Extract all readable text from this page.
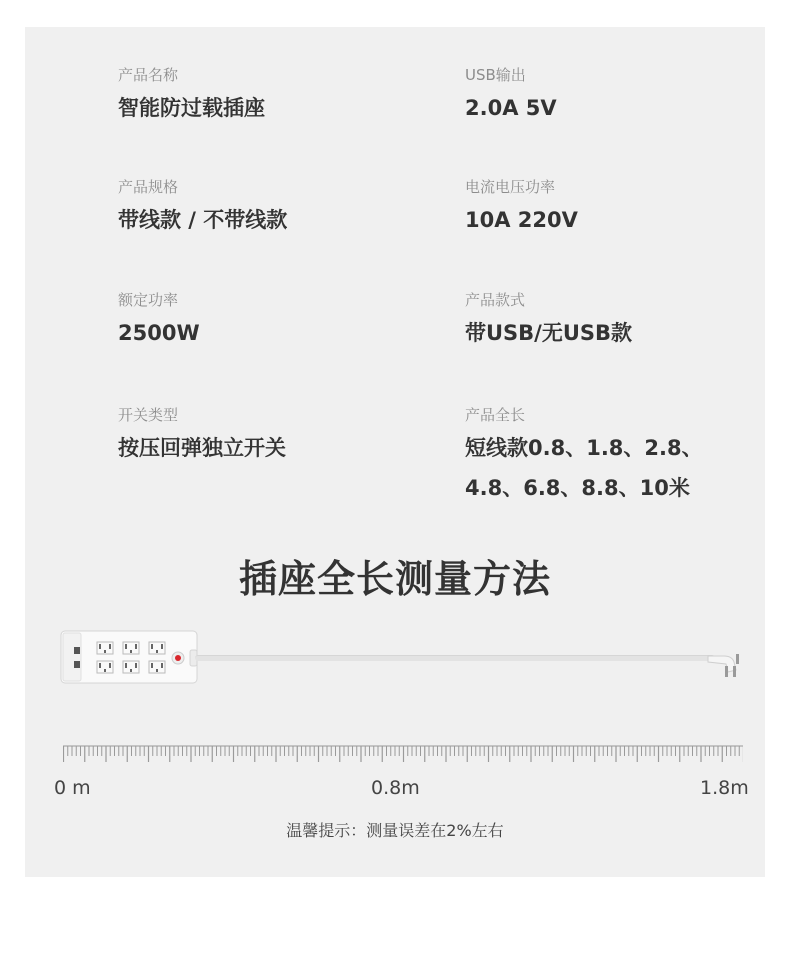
产品名称
智能防过载插座
USB输出
2.0A 5V
产品规格
带线款 / 不带线款
电流电压功率
10A 220V
额定功率
2500W
产品款式
带USB/无USB款
开关类型
按压回弹独立开关
产品全长
短线款0.8、1.8、2.8、
4.8、6.8、8.8、10米
插座全长测量方法
0 m	0.8m	1.8m
温馨提示：测量误差在2%左右
